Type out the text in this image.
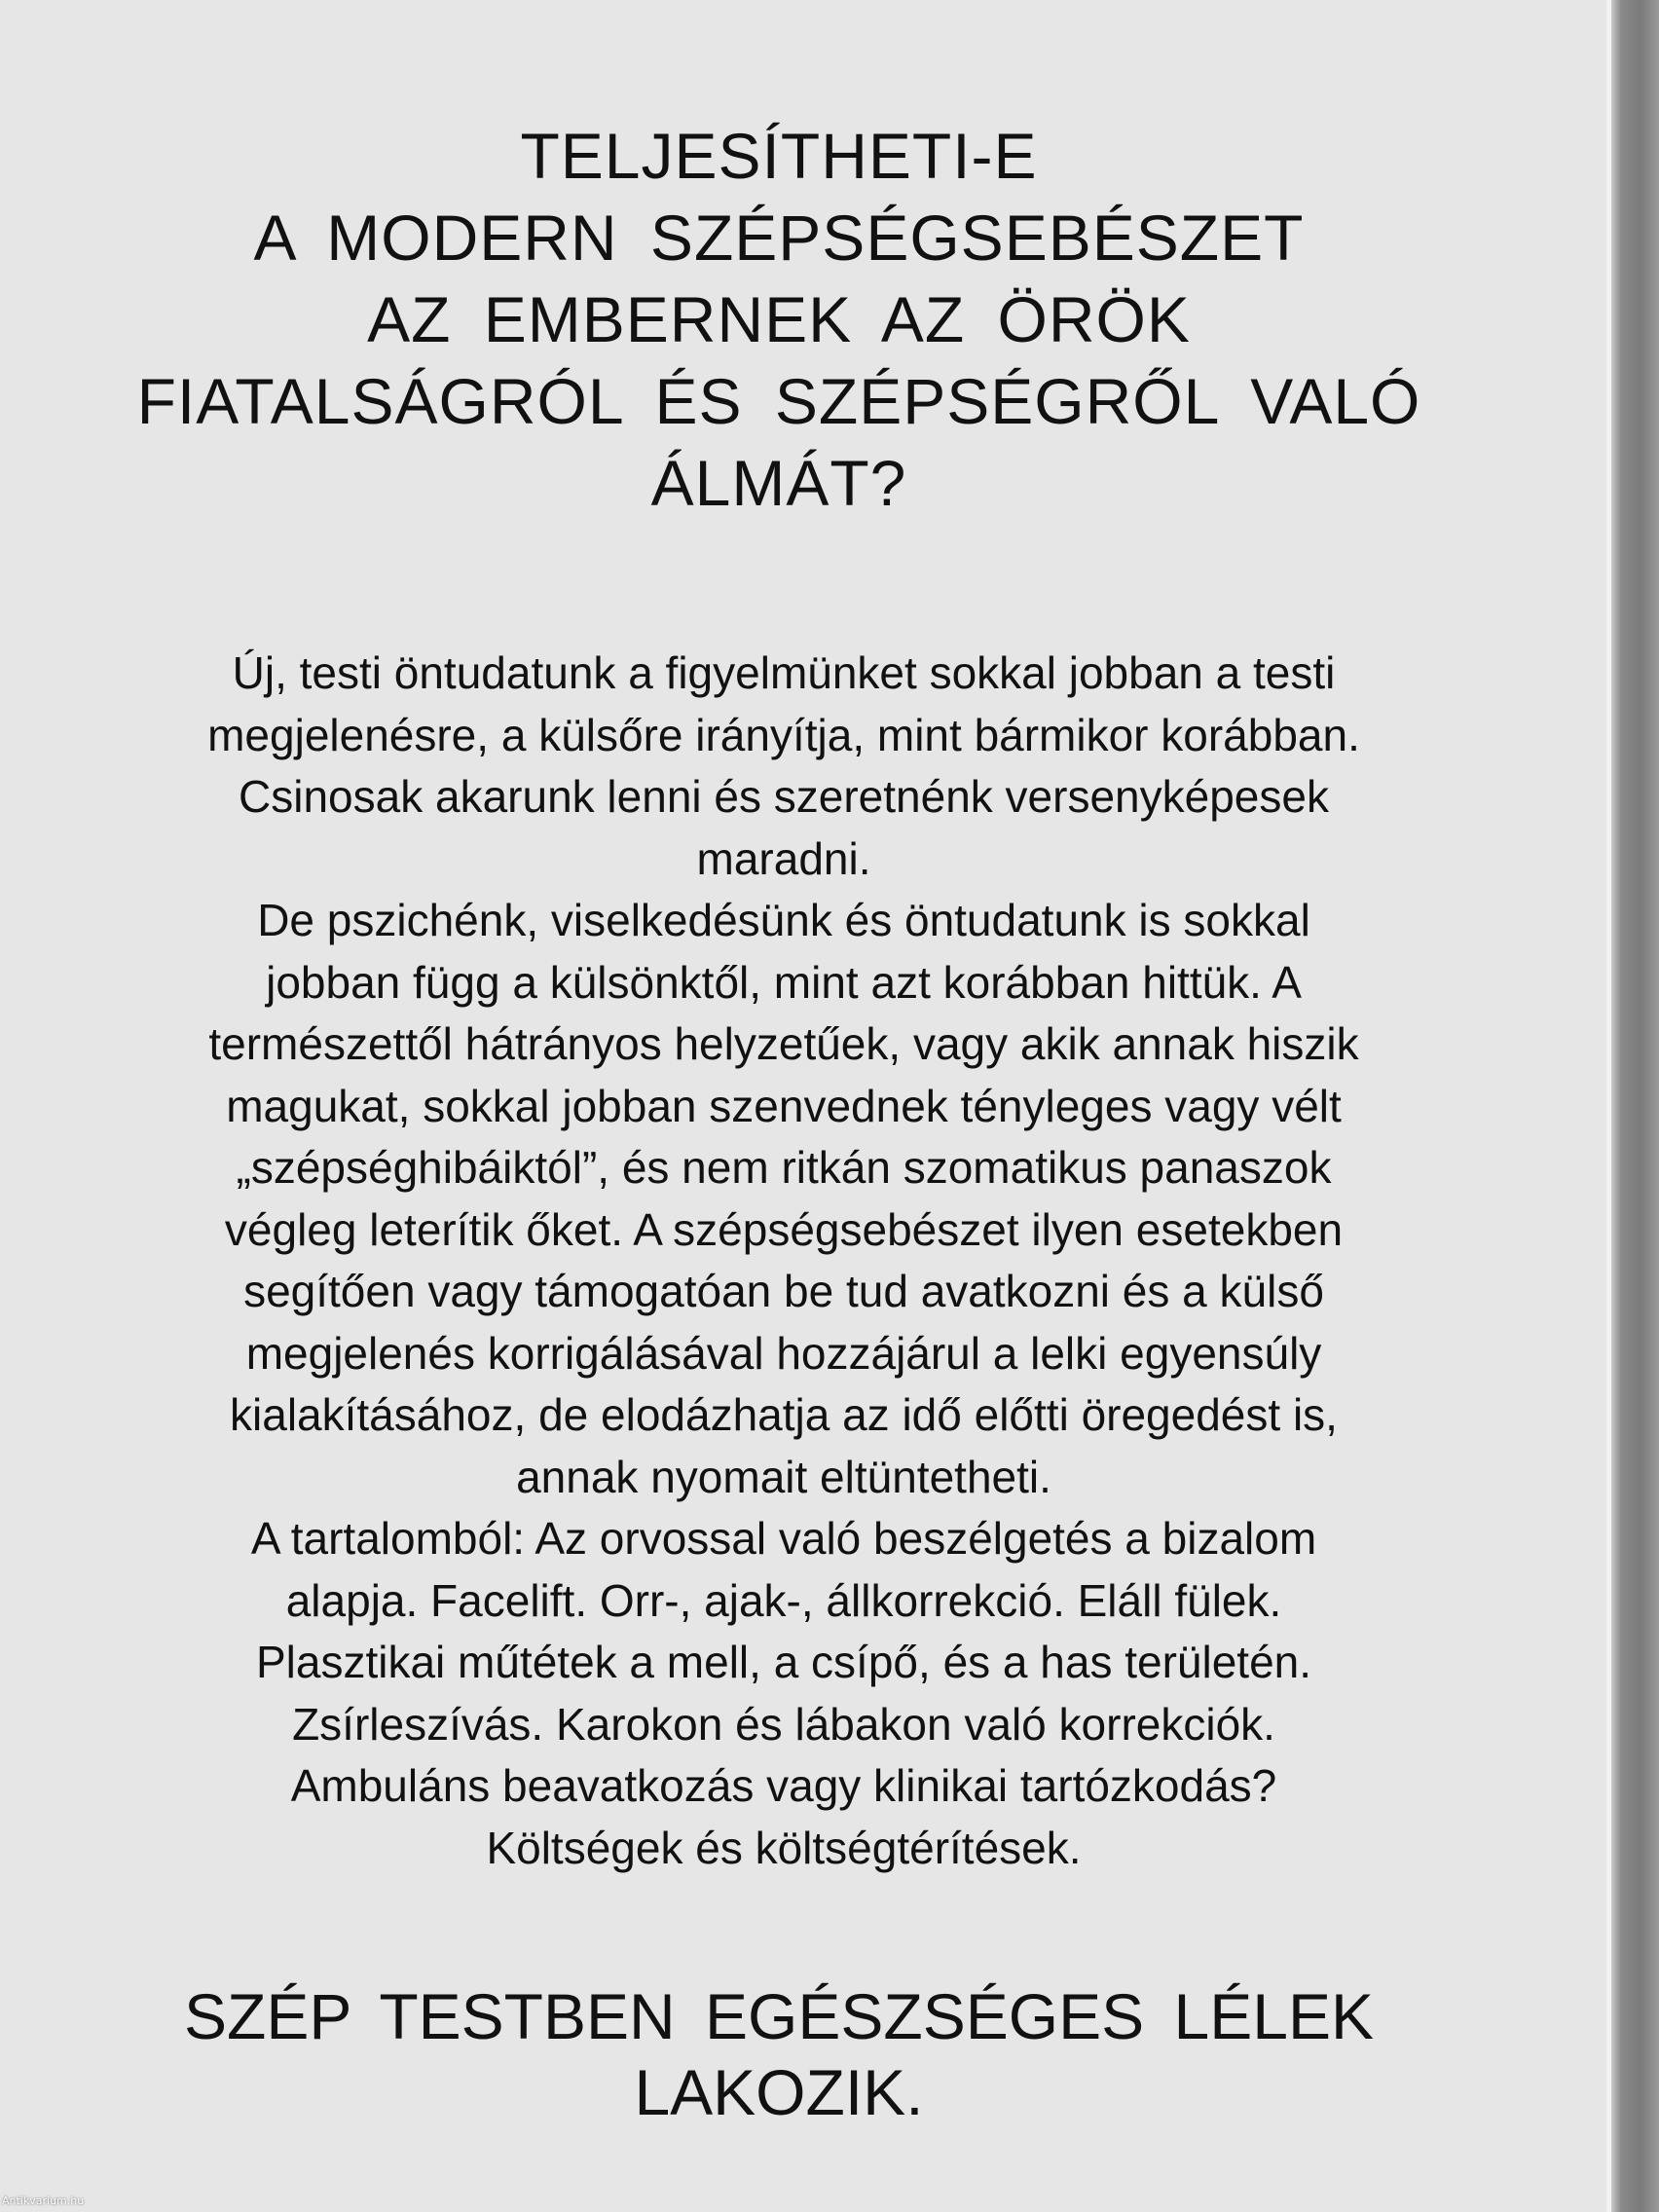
TELJESÍTHETI-E
A MODERN SZÉPSÉGSEBÉSZET
AZ EMBERNEK AZ ÖRÖK
FIATALSÁGRÓL ÉS SZÉPSÉGRŐL VALÓ
ÁLMÁT?
Új, testi öntudatunk a figyelmünket sokkal jobban a testi
megjelenésre, a külsőre irányítja, mint bármikor korábban.
Csinosak akarunk lenni és szeretnénk versenyképesek
maradni.
De pszichénk, viselkedésünk és öntudatunk is sokkal
jobban függ a külsönktől, mint azt korábban hittük. A
természettől hátrányos helyzetűek, vagy akik annak hiszik
magukat, sokkal jobban szenvednek tényleges vagy vélt
„szépséghibáiktól”, és nem ritkán szomatikus panaszok
végleg leterítik őket. A szépségsebészet ilyen esetekben
segítően vagy támogatóan be tud avatkozni és a külső
megjelenés korrigálásával hozzájárul a lelki egyensúly
kialakításához, de elodázhatja az idő előtti öregedést is,
annak nyomait eltüntetheti.
A tartalomból: Az orvossal való beszélgetés a bizalom
alapja. Facelift. Orr-, ajak-, állkorrekció. Eláll fülek.
Plasztikai műtétek a mell, a csípő, és a has területén.
Zsírleszívás. Karokon és lábakon való korrekciók.
Ambuláns beavatkozás vagy klinikai tartózkodás?
Költségek és költségtérítések.
SZÉP TESTBEN EGÉSZSÉGES LÉLEK
LAKOZIK.
Antikvarium.hu
